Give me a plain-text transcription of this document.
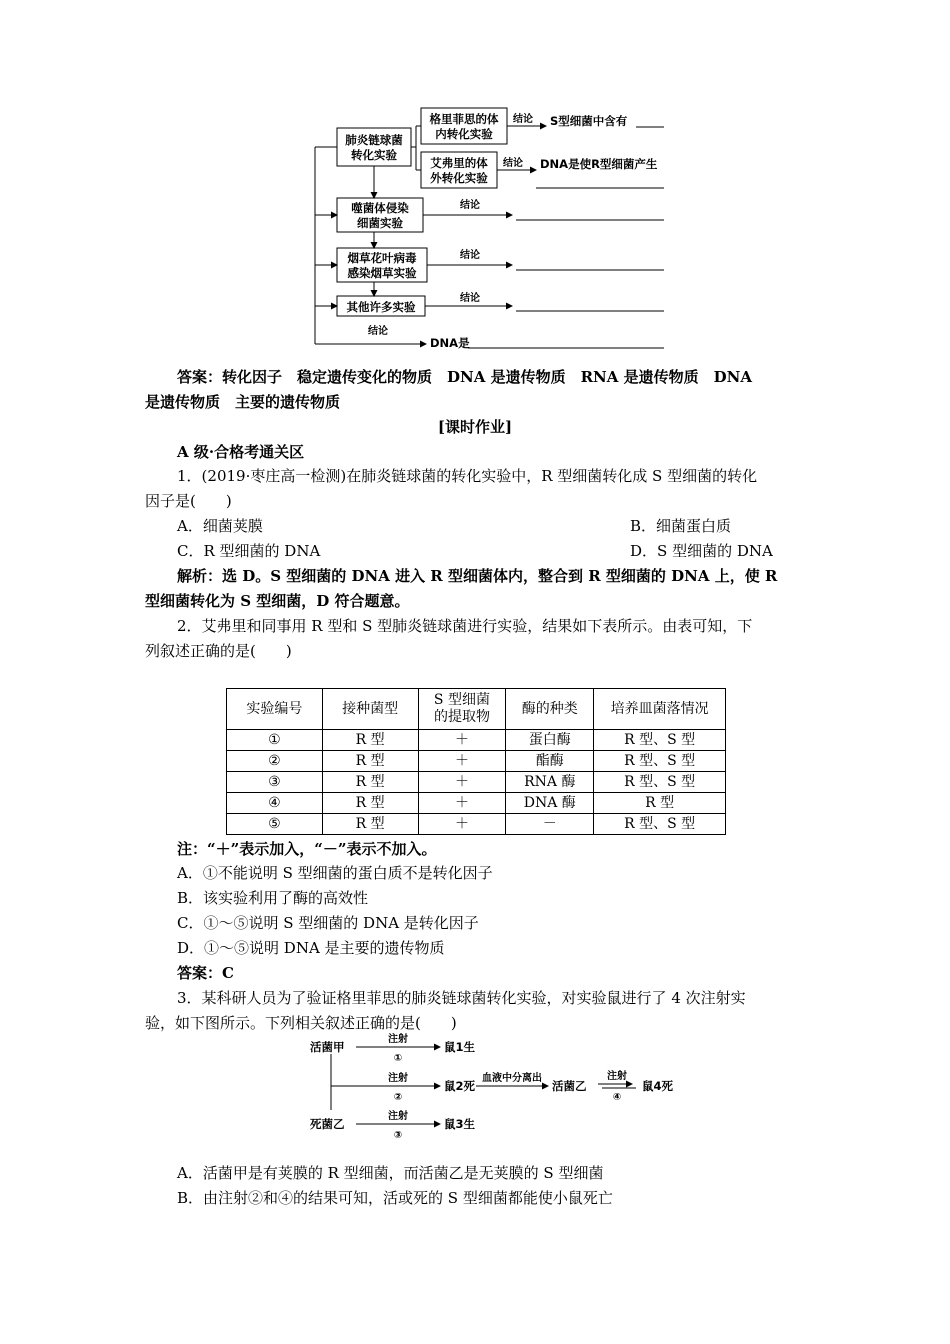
肺炎链球菌
转化实验
格里菲思的体
内转化实验
艾弗里的体
外转化实验
噬菌体侵染
细菌实验
烟草花叶病毒
感染烟草实验
其他许多实验
结论
结论
结论
结论
结论
结论
S型细菌中含有
DNA是使R型细菌产生
DNA是
答案：转化因子　稳定遗传变化的物质　DNA 是遗传物质　RNA 是遗传物质　DNA
是遗传物质　主要的遗传物质
[课时作业]
A 级·合格考通关区
1．(2019·枣庄高一检测)在肺炎链球菌的转化实验中，R 型细菌转化成 S 型细菌的转化
因子是(　　)
A．细菌荚膜	B．细菌蛋白质
C．R 型细菌的 DNA	D．S 型细菌的 DNA
解析：选 D。S 型细菌的 DNA 进入 R 型细菌体内，整合到 R 型细菌的 DNA 上，使 R
型细菌转化为 S 型细菌，D 符合题意。
2．艾弗里和同事用 R 型和 S 型肺炎链球菌进行实验，结果如下表所示。由表可知，下
列叙述正确的是(　　)
实验编号	接种菌型	S 型细菌的提取物	酶的种类	培养皿菌落情况
①	R 型	＋	蛋白酶	R 型、S 型
②	R 型	＋	酯酶	R 型、S 型
③	R 型	＋	RNA 酶	R 型、S 型
④	R 型	＋	DNA 酶	R 型
⑤	R 型	＋	－	R 型、S 型
注：“＋”表示加入，“－”表示不加入。
A．①不能说明 S 型细菌的蛋白质不是转化因子
B．该实验利用了酶的高效性
C．①～⑤说明 S 型细菌的 DNA 是转化因子
D．①～⑤说明 DNA 是主要的遗传物质
答案：C
3．某科研人员为了验证格里菲思的肺炎链球菌转化实验，对实验鼠进行了 4 次注射实
验，如下图所示。下列相关叙述正确的是(　　)
活菌甲
死菌乙
鼠1生
鼠2死
鼠3生
活菌乙	鼠4死
注射
①
注射
②
注射
③
血液中分离出	注射
④
A．活菌甲是有荚膜的 R 型细菌，而活菌乙是无荚膜的 S 型细菌
B．由注射②和④的结果可知，活或死的 S 型细菌都能使小鼠死亡
